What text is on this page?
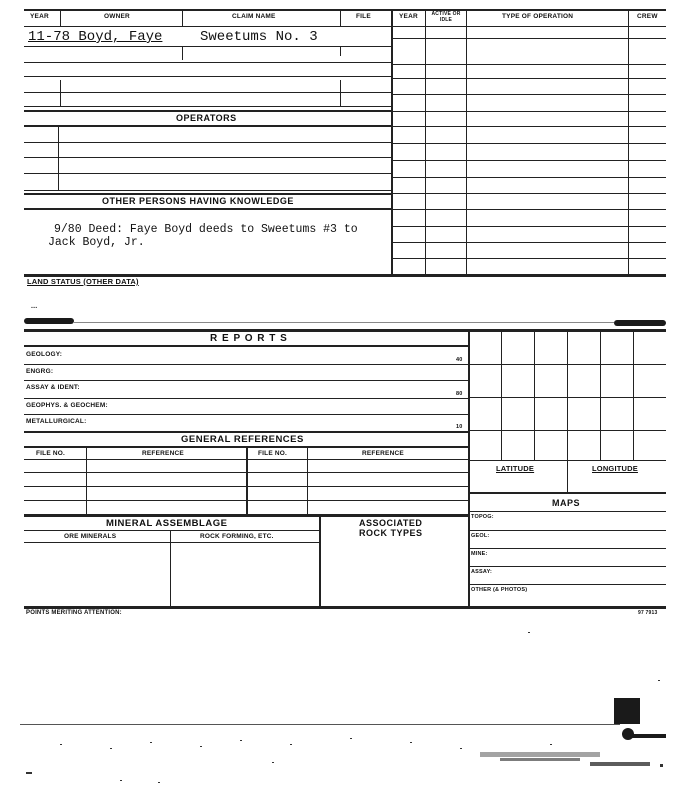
YEAR	OWNER	CLAIM NAME	FILE	YEAR	ACTIVE OR IDLE	TYPE OF OPERATION	CREW
11-78 Boyd, Faye	Sweetums No. 3
OPERATORS
OTHER PERSONS HAVING KNOWLEDGE
9/80 Deed: Faye Boyd deeds to Sweetums #3 to
Jack Boyd, Jr.
LAND STATUS (OTHER DATA)
...
R E P O R T S
GEOLOGY:
40
ENGRG:
ASSAY & IDENT:
80
GEOPHYS. & GEOCHEM:
METALLURGICAL:
10
GENERAL REFERENCES
FILE NO.	REFERENCE	FILE NO.	REFERENCE
MINERAL ASSEMBLAGE	ASSOCIATED
ROCK TYPES
ORE MINERALS	ROCK FORMING, ETC.
LATITUDE	LONGITUDE
MAPS
TOPOG:
GEOL:
MINE:
ASSAY:
OTHER (& PHOTOS)
POINTS MERITING ATTENTION:	97 7913
